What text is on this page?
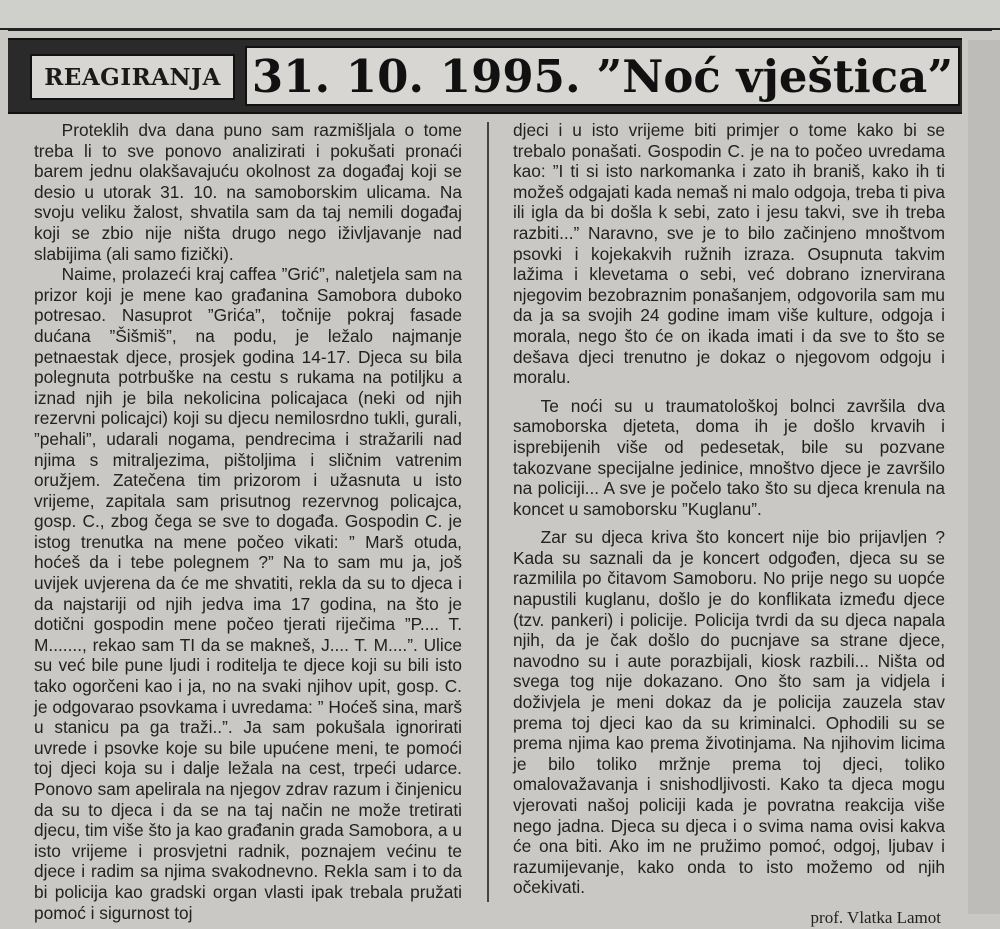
REAGIRANJA 31. 10. 1995. ”Noć vještica”

Proteklih dva dana puno sam razmišljala o tome treba li to sve ponovo analizirati i pokušati pronaći barem jednu olakšavajuću okolnost za događaj koji se desio u utorak 31. 10. na samoborskim ulicama. Na svoju veliku žalost, shvatila sam da taj nemili događaj koji se zbio nije ništa drugo nego iživljavanje nad slabijima (ali samo fizički).

Naime, prolazeći kraj caffea ”Grić”, naletjela sam na prizor koji je mene kao građanina Samobora duboko potresao. Nasuprot ”Grića”, točnije pokraj fasade dućana ”Šišmiš”, na podu, je ležalo najmanje petnaestak djece, prosjek godina 14-17. Djeca su bila polegnuta potrbuške na cestu s rukama na potiljku a iznad njih je bila nekolicina policajaca (neki od njih rezervni policajci) koji su djecu nemilosrdno tukli, gurali, ”pehali”, udarali nogama, pendrecima i stražarili nad njima s mitraljezima, pištoljima i sličnim vatrenim oružjem. Zatečena tim prizorom i užasnuta u isto vrijeme, zapitala sam prisutnog rezervnog policajca, gosp. C., zbog čega se sve to događa. Gospodin C. je istog trenutka na mene počeo vikati: ” Marš otuda, hoćeš da i tebe polegnem ?” Na to sam mu ja, još uvijek uvjerena da će me shvatiti, rekla da su to djeca i da najstariji od njih jedva ima 17 godina, na što je dotični gospodin mene počeo tjerati riječima ”P.... T. M......., rekao sam TI da se makneš, J.... T. M....”. Ulice su već bile pune ljudi i roditelja te djece koji su bili isto tako ogorčeni kao i ja, no na svaki njihov upit, gosp. C. je odgovarao psovkama i uvredama: ” Hoćeš sina, marš u stanicu pa ga traži..”. Ja sam pokušala ignorirati uvrede i psovke koje su bile upućene meni, te pomoći toj djeci koja su i dalje ležala na cest, trpeći udarce. Ponovo sam apelirala na njegov zdrav razum i činjenicu da su to djeca i da se na taj način ne može tretirati djecu, tim više što ja kao građanin grada Samobora, a u isto vrijeme i prosvjetni radnik, poznajem većinu te djece i radim sa njima svakodnevno. Rekla sam i to da bi policija kao gradski organ vlasti ipak trebala pružati pomoć i sigurnost toj

djeci i u isto vrijeme biti primjer o tome kako bi se trebalo ponašati. Gospodin C. je na to počeo uvredama kao: ”I ti si isto narkomanka i zato ih braniš, kako ih ti možeš odgajati kada nemaš ni malo odgoja, treba ti piva ili igla da bi došla k sebi, zato i jesu takvi, sve ih treba razbiti...” Naravno, sve je to bilo začinjeno mnoštvom psovki i kojekakvih ružnih izraza. Osupnuta takvim lažima i klevetama o sebi, već dobrano iznervirana njegovim bezobraznim ponašanjem, odgovorila sam mu da ja sa svojih 24 godine imam više kulture, odgoja i morala, nego što će on ikada imati i da sve to što se dešava djeci trenutno je dokaz o njegovom odgoju i moralu.

Te noći su u traumatološkoj bolnci završila dva samoborska djeteta, doma ih je došlo krvavih i isprebijenih više od pedesetak, bile su pozvane takozvane specijalne jedinice, mnoštvo djece je završilo na policiji... A sve je počelo tako što su djeca krenula na koncet u samoborsku ”Kuglanu”.

Zar su djeca kriva što koncert nije bio prijavljen ? Kada su saznali da je koncert odgođen, djeca su se razmilila po čitavom Samoboru. No prije nego su uopće napustili kuglanu, došlo je do konflikata između djece (tzv. pankeri) i policije. Policija tvrdi da su djeca napala njih, da je čak došlo do pucnjave sa strane djece, navodno su i aute porazbijali, kiosk razbili... Ništa od svega tog nije dokazano. Ono što sam ja vidjela i doživjela je meni dokaz da je policija zauzela stav prema toj djeci kao da su kriminalci. Ophodili su se prema njima kao prema životinjama. Na njihovim licima je bilo toliko mržnje prema toj djeci, toliko omalovažavanja i snishodljivosti. Kako ta djeca mogu vjerovati našoj policiji kada je povratna reakcija više nego jadna. Djeca su djeca i o svima nama ovisi kakva će ona biti. Ako im ne pružimo pomoć, odgoj, ljubav i razumijevanje, kako onda to isto možemo od njih očekivati.

prof. Vlatka Lamot
